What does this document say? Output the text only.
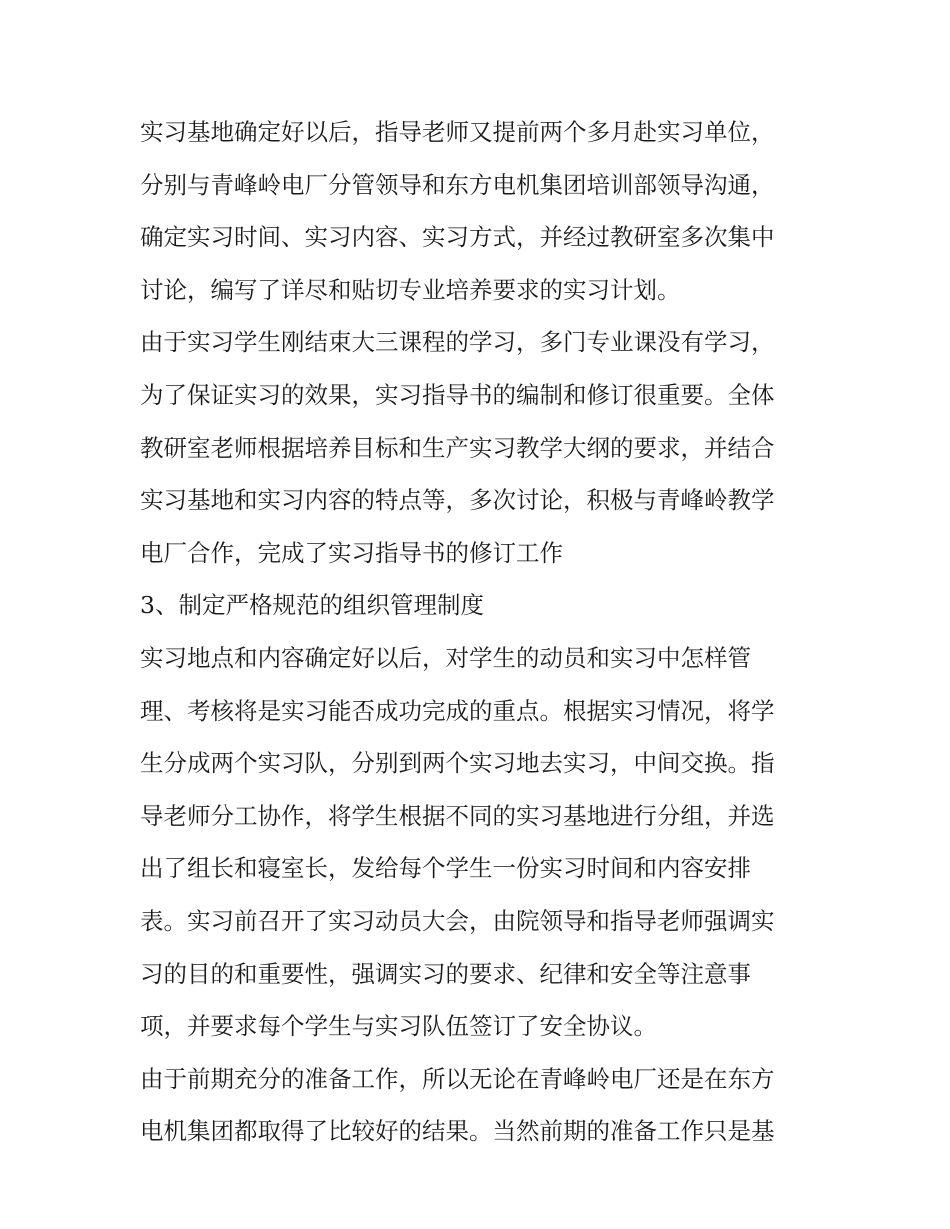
实习基地确定好以后，指导老师又提前两个多月赴实习单位，
分别与青峰岭电厂分管领导和东方电机集团培训部领导沟通，
确定实习时间、实习内容、实习方式，并经过教研室多次集中
讨论，编写了详尽和贴切专业培养要求的实习计划。
由于实习学生刚结束大三课程的学习，多门专业课没有学习，
为了保证实习的效果，实习指导书的编制和修订很重要。全体
教研室老师根据培养目标和生产实习教学大纲的要求，并结合
实习基地和实习内容的特点等，多次讨论，积极与青峰岭教学
电厂合作，完成了实习指导书的修订工作
3、制定严格规范的组织管理制度
实习地点和内容确定好以后，对学生的动员和实习中怎样管
理、考核将是实习能否成功完成的重点。根据实习情况，将学
生分成两个实习队，分别到两个实习地去实习，中间交换。指
导老师分工协作，将学生根据不同的实习基地进行分组，并选
出了组长和寝室长，发给每个学生一份实习时间和内容安排
表。实习前召开了实习动员大会，由院领导和指导老师强调实
习的目的和重要性，强调实习的要求、纪律和安全等注意事
项，并要求每个学生与实习队伍签订了安全协议。
由于前期充分的准备工作，所以无论在青峰岭电厂还是在东方
电机集团都取得了比较好的结果。当然前期的准备工作只是基
